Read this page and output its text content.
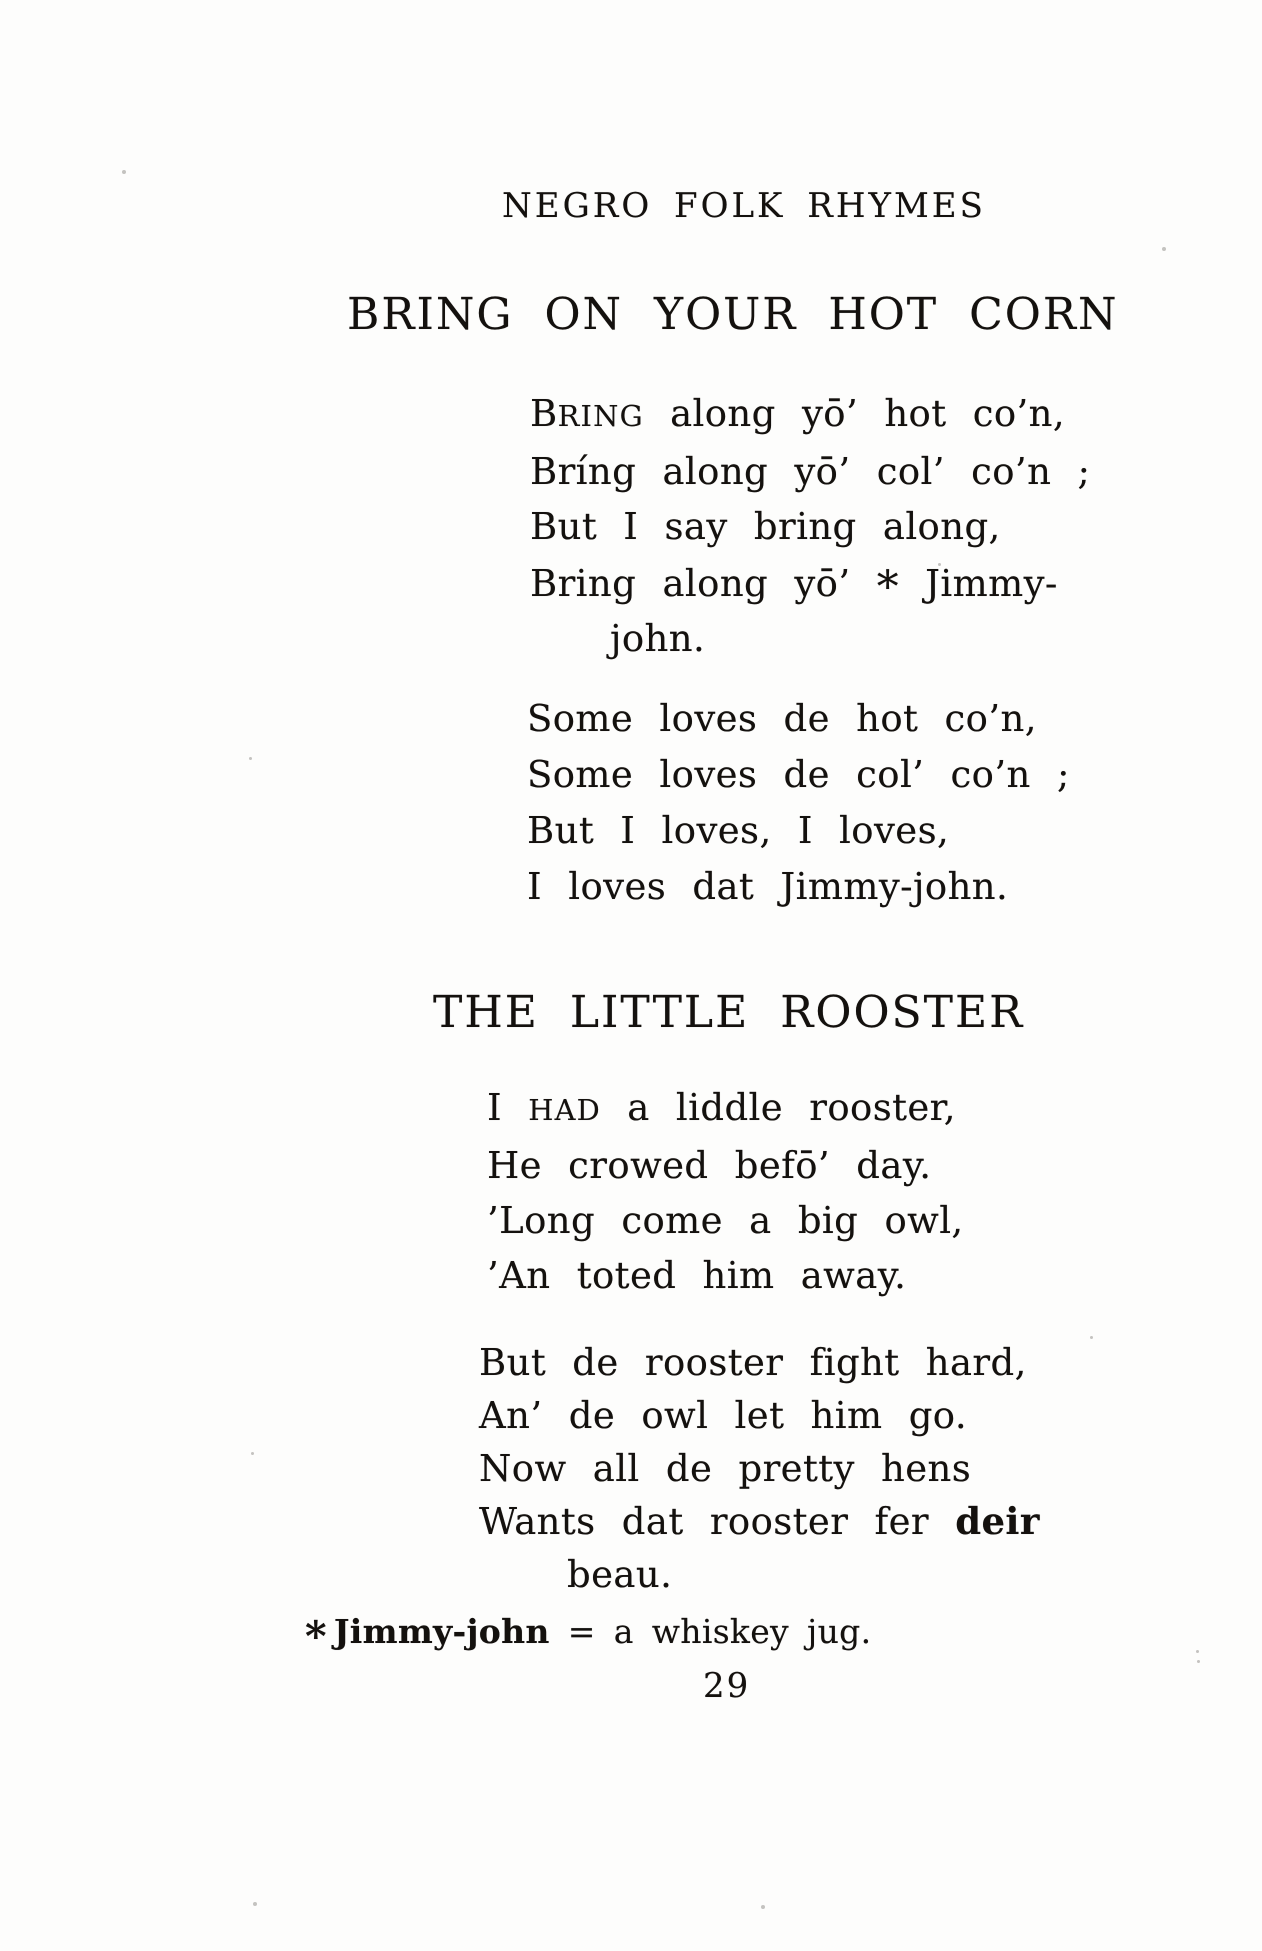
NEGRO FOLK RHYMES
BRING ON YOUR HOT CORN
BRING along yō’ hot co’n,
Bríng along yō’ col’ co’n ;
But I say bring along,
Bring along yō’ * Jimmy-
john.
Some loves de hot co’n,
Some loves de col’ co’n ;
But I loves, I loves,
I loves dat Jimmy-john.
THE LITTLE ROOSTER
I HAD a liddle rooster,
He crowed befō’ day.
’Long come a big owl,
’An toted him away.
But de rooster fight hard,
An’ de owl let him go.
Now all de pretty hens
Wants dat rooster fer deir
beau.
* Jimmy-john = a whiskey jug.
29
